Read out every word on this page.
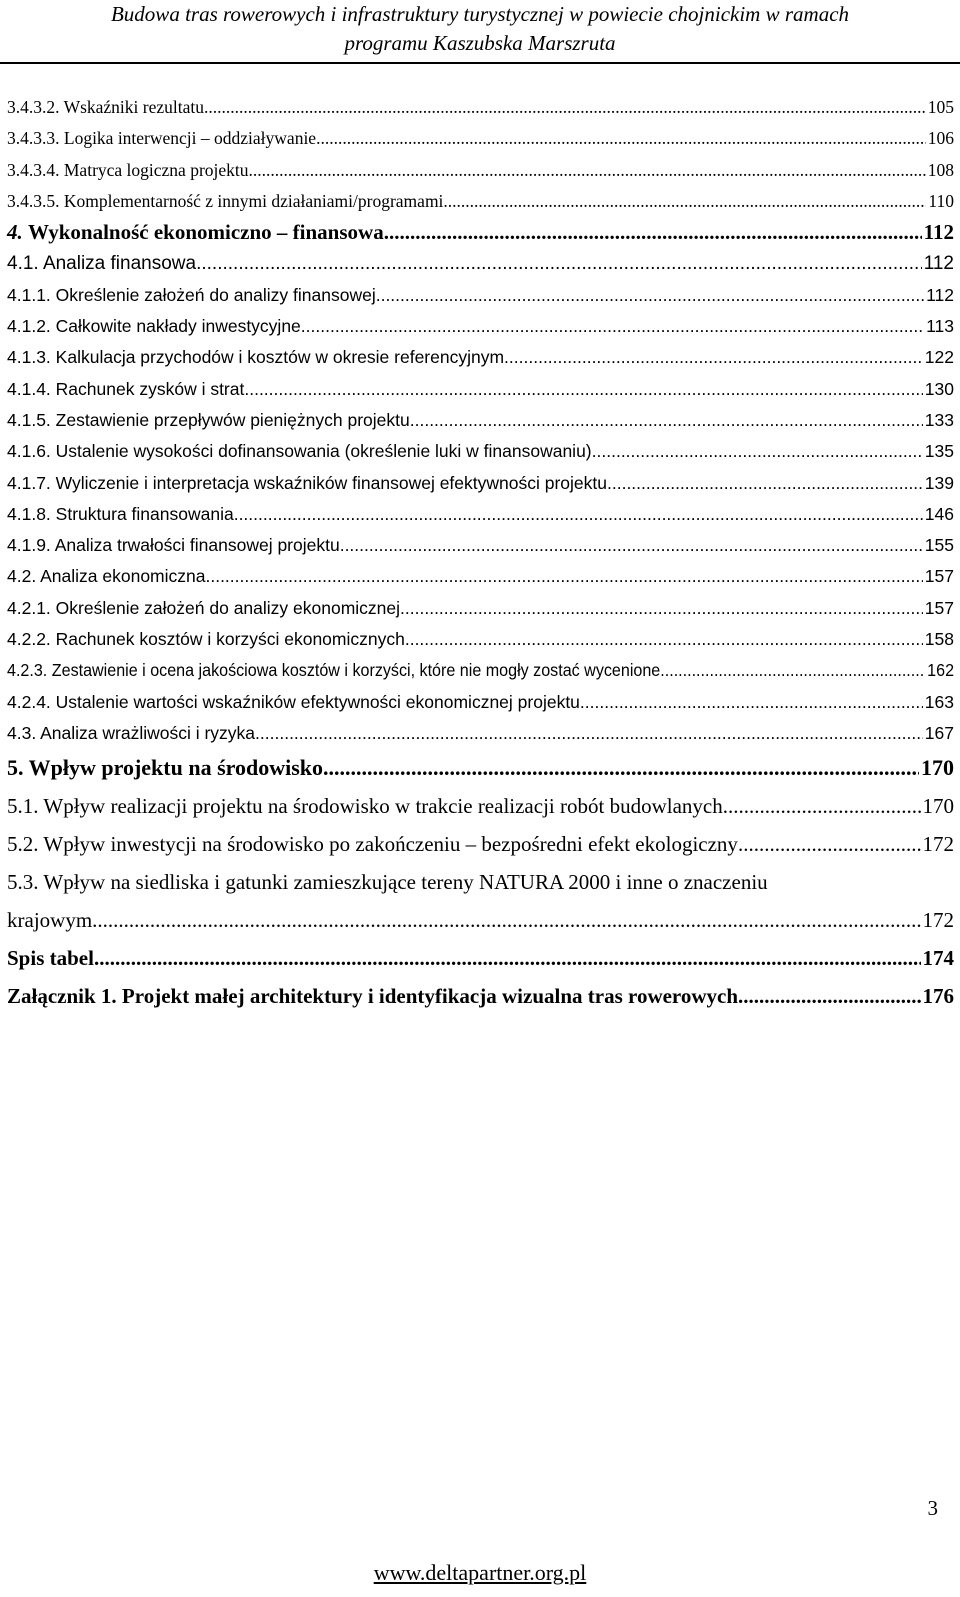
Budowa tras rowerowych i infrastruktury turystycznej w powiecie chojnickim w ramach
programu Kaszubska Marszruta
3.4.3.2. Wskaźniki rezultatu .....	105
3.4.3.3. Logika interwencji – oddziaływanie .....	106
3.4.3.4. Matryca logiczna projektu .....	108
3.4.3.5. Komplementarność z innymi działaniami/programami .....	110
4. Wykonalność ekonomiczno – finansowa .....	112
4.1. Analiza finansowa .....	112
4.1.1. Określenie założeń do analizy finansowej .....	112
4.1.2. Całkowite nakłady inwestycyjne .....	113
4.1.3. Kalkulacja przychodów i kosztów w okresie referencyjnym .....	122
4.1.4. Rachunek zysków i strat .....	130
4.1.5. Zestawienie przepływów pieniężnych projektu .....	133
4.1.6. Ustalenie wysokości dofinansowania (określenie luki w finansowaniu) .....	135
4.1.7. Wyliczenie i interpretacja wskaźników finansowej efektywności projektu .....	139
4.1.8. Struktura finansowania .....	146
4.1.9. Analiza trwałości finansowej projektu .....	155
4.2. Analiza ekonomiczna .....	157
4.2.1. Określenie założeń do analizy ekonomicznej .....	157
4.2.2. Rachunek kosztów i korzyści ekonomicznych .....	158
4.2.3. Zestawienie i ocena jakościowa kosztów i korzyści, które nie mogły zostać wycenione .....	162
4.2.4. Ustalenie wartości wskaźników efektywności ekonomicznej projektu .....	163
4.3. Analiza wrażliwości i ryzyka .....	167
5. Wpływ projektu na środowisko .....	170
5.1. Wpływ realizacji projektu na środowisko w trakcie realizacji robót budowlanych .....	170
5.2. Wpływ inwestycji na środowisko po zakończeniu – bezpośredni efekt ekologiczny .....	172
5.3. Wpływ na siedliska i gatunki zamieszkujące tereny NATURA 2000 i inne o znaczeniu
krajowym .....	172
Spis tabel .....	174
Załącznik 1. Projekt małej architektury i identyfikacja wizualna tras rowerowych .....	176
3
www.deltapartner.org.pl
